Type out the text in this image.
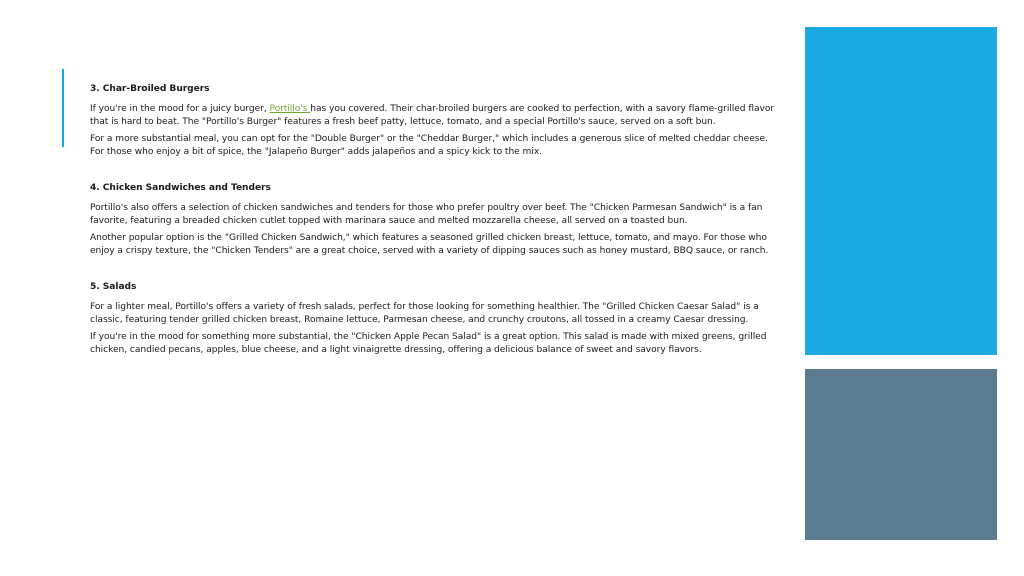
3. Char-Broiled Burgers

If you're in the mood for a juicy burger, Portillo's has you covered. Their char-broiled burgers are cooked to perfection, with a savory flame-grilled flavor that is hard to beat. The "Portillo's Burger" features a fresh beef patty, lettuce, tomato, and a special Portillo's sauce, served on a soft bun.

For a more substantial meal, you can opt for the "Double Burger" or the "Cheddar Burger," which includes a generous slice of melted cheddar cheese. For those who enjoy a bit of spice, the "Jalapeño Burger" adds jalapeños and a spicy kick to the mix.

4. Chicken Sandwiches and Tenders

Portillo's also offers a selection of chicken sandwiches and tenders for those who prefer poultry over beef. The "Chicken Parmesan Sandwich" is a fan favorite, featuring a breaded chicken cutlet topped with marinara sauce and melted mozzarella cheese, all served on a toasted bun.

Another popular option is the "Grilled Chicken Sandwich," which features a seasoned grilled chicken breast, lettuce, tomato, and mayo. For those who enjoy a crispy texture, the "Chicken Tenders" are a great choice, served with a variety of dipping sauces such as honey mustard, BBQ sauce, or ranch.

5. Salads

For a lighter meal, Portillo's offers a variety of fresh salads, perfect for those looking for something healthier. The "Grilled Chicken Caesar Salad" is a classic, featuring tender grilled chicken breast, Romaine lettuce, Parmesan cheese, and crunchy croutons, all tossed in a creamy Caesar dressing.

If you're in the mood for something more substantial, the "Chicken Apple Pecan Salad" is a great option. This salad is made with mixed greens, grilled chicken, candied pecans, apples, blue cheese, and a light vinaigrette dressing, offering a delicious balance of sweet and savory flavors.
